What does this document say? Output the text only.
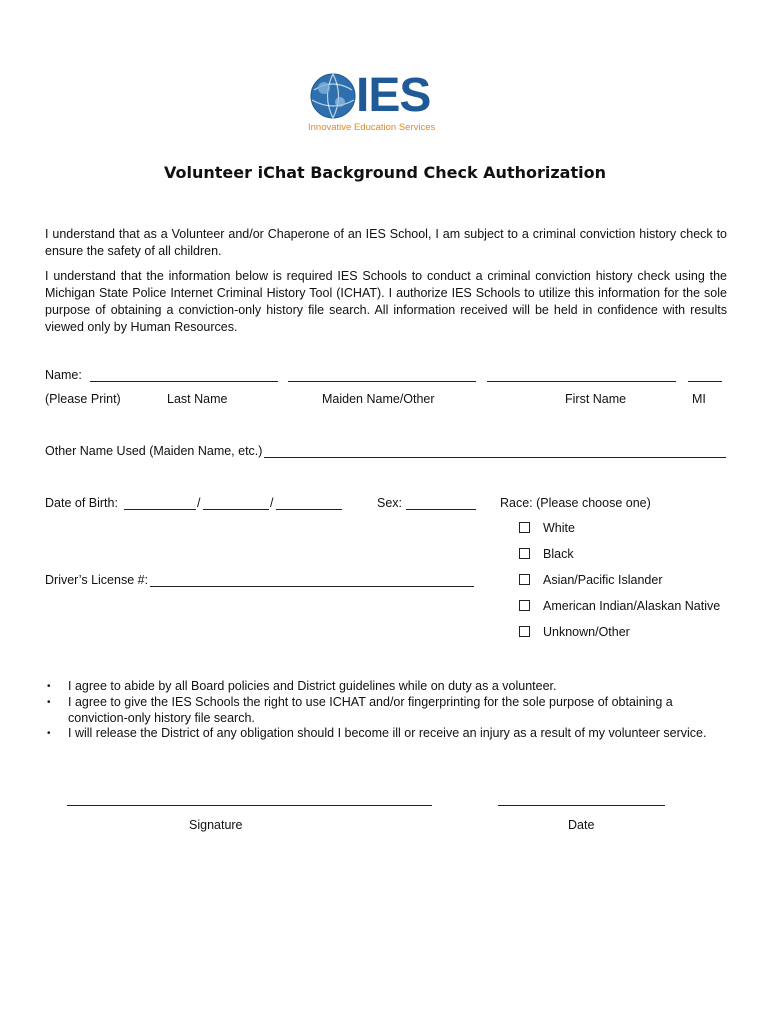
IES
Innovative Education Services
Volunteer iChat Background Check Authorization
I understand that as a Volunteer and/or Chaperone of an IES School, I am subject to a criminal conviction history check to ensure the safety of all children.
I understand that the information below is required IES Schools to conduct a criminal conviction history check using the Michigan State Police Internet Criminal History Tool (ICHAT). I authorize IES Schools to utilize this information for the sole purpose of obtaining a conviction-only history file search. All information received will be held in confidence with results viewed only by Human Resources.
Name:
(Please Print)	Last Name	Maiden Name/Other	First Name	MI
Other Name Used (Maiden Name, etc.)
Date of Birth:	/	/	Sex:	Race: (Please choose one)
White
Black
Asian/Pacific Islander
American Indian/Alaskan Native
Unknown/Other
Driver’s License #:
• I agree to abide by all Board policies and District guidelines while on duty as a volunteer.
• I agree to give the IES Schools the right to use ICHAT and/or fingerprinting for the sole purpose of obtaining a conviction-only history file search.
• I will release the District of any obligation should I become ill or receive an injury as a result of my volunteer service.
Signature	Date
